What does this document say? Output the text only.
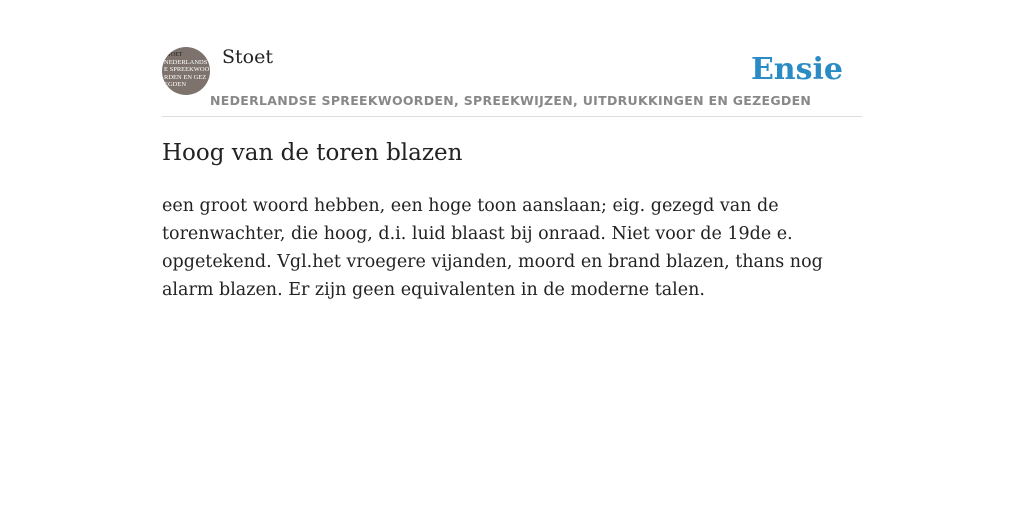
STOET
NEDERLANDSE SPREEKWOORDEN EN GEZEGDEN
Stoet
NEDERLANDSE SPREEKWOORDEN, SPREEKWIJZEN, UITDRUKKINGEN EN GEZEGDEN
Ensie
Hoog van de toren blazen

een groot woord hebben, een hoge toon aanslaan; eig. gezegd van de torenwachter, die hoog, d.i. luid blaast bij onraad. Niet voor de 19de e. opgetekend. Vgl.het vroegere vijanden, moord en brand blazen, thans nog alarm blazen. Er zijn geen equivalenten in de moderne talen.
